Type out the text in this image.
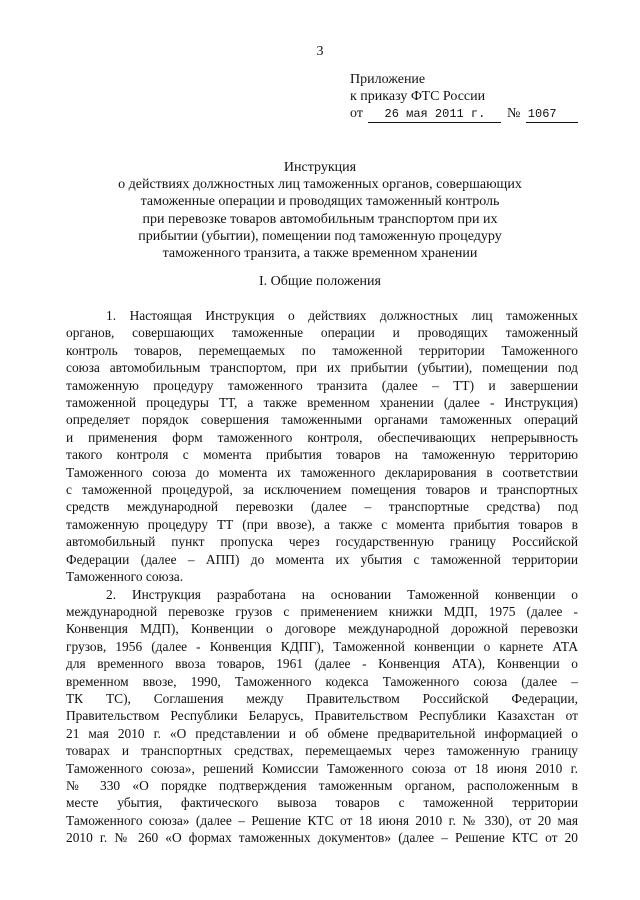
3
Приложение
к приказу ФТС России
от 26 мая 2011 г. № 1067
Инструкция
о действиях должностных лиц таможенных органов, совершающих
таможенные операции и проводящих таможенный контроль
при перевозке товаров автомобильным транспортом при их
прибытии (убытии), помещении под таможенную процедуру
таможенного транзита, а также временном хранении
I. Общие положения
1. Настоящая Инструкция о действиях должностных лиц таможенных
органов, совершающих таможенные операции и проводящих таможенный
контроль товаров, перемещаемых по таможенной территории Таможенного
союза автомобильным транспортом, при их прибытии (убытии), помещении под
таможенную процедуру таможенного транзита (далее – ТТ) и завершении
таможенной процедуры ТТ, а также временном хранении (далее - Инструкция)
определяет порядок совершения таможенными органами таможенных операций
и применения форм таможенного контроля, обеспечивающих непрерывность
такого контроля с момента прибытия товаров на таможенную территорию
Таможенного союза до момента их таможенного декларирования в соответствии
с таможенной процедурой, за исключением помещения товаров и транспортных
средств международной перевозки (далее – транспортные средства) под
таможенную процедуру ТТ (при ввозе), а также с момента прибытия товаров в
автомобильный пункт пропуска через государственную границу Российской
Федерации (далее – АПП) до момента их убытия с таможенной территории
Таможенного союза.
2. Инструкция разработана на основании Таможенной конвенции о
международной перевозке грузов с применением книжки МДП, 1975 (далее -
Конвенция МДП), Конвенции о договоре международной дорожной перевозки
грузов, 1956 (далее - Конвенция КДПГ), Таможенной конвенции о карнете АТА
для временного ввоза товаров, 1961 (далее - Конвенция АТА), Конвенции о
временном ввозе, 1990, Таможенного кодекса Таможенного союза (далее –
ТК ТС), Соглашения между Правительством Российской Федерации,
Правительством Республики Беларусь, Правительством Республики Казахстан от
21 мая 2010 г. «О представлении и об обмене предварительной информацией о
товарах и транспортных средствах, перемещаемых через таможенную границу
Таможенного союза», решений Комиссии Таможенного союза от 18 июня 2010 г.
№ 330 «О порядке подтверждения таможенным органом, расположенным в
месте убытия, фактического вывоза товаров с таможенной территории
Таможенного союза» (далее – Решение КТС от 18 июня 2010 г. № 330), от 20 мая
2010 г. № 260 «О формах таможенных документов» (далее – Решение КТС от 20
